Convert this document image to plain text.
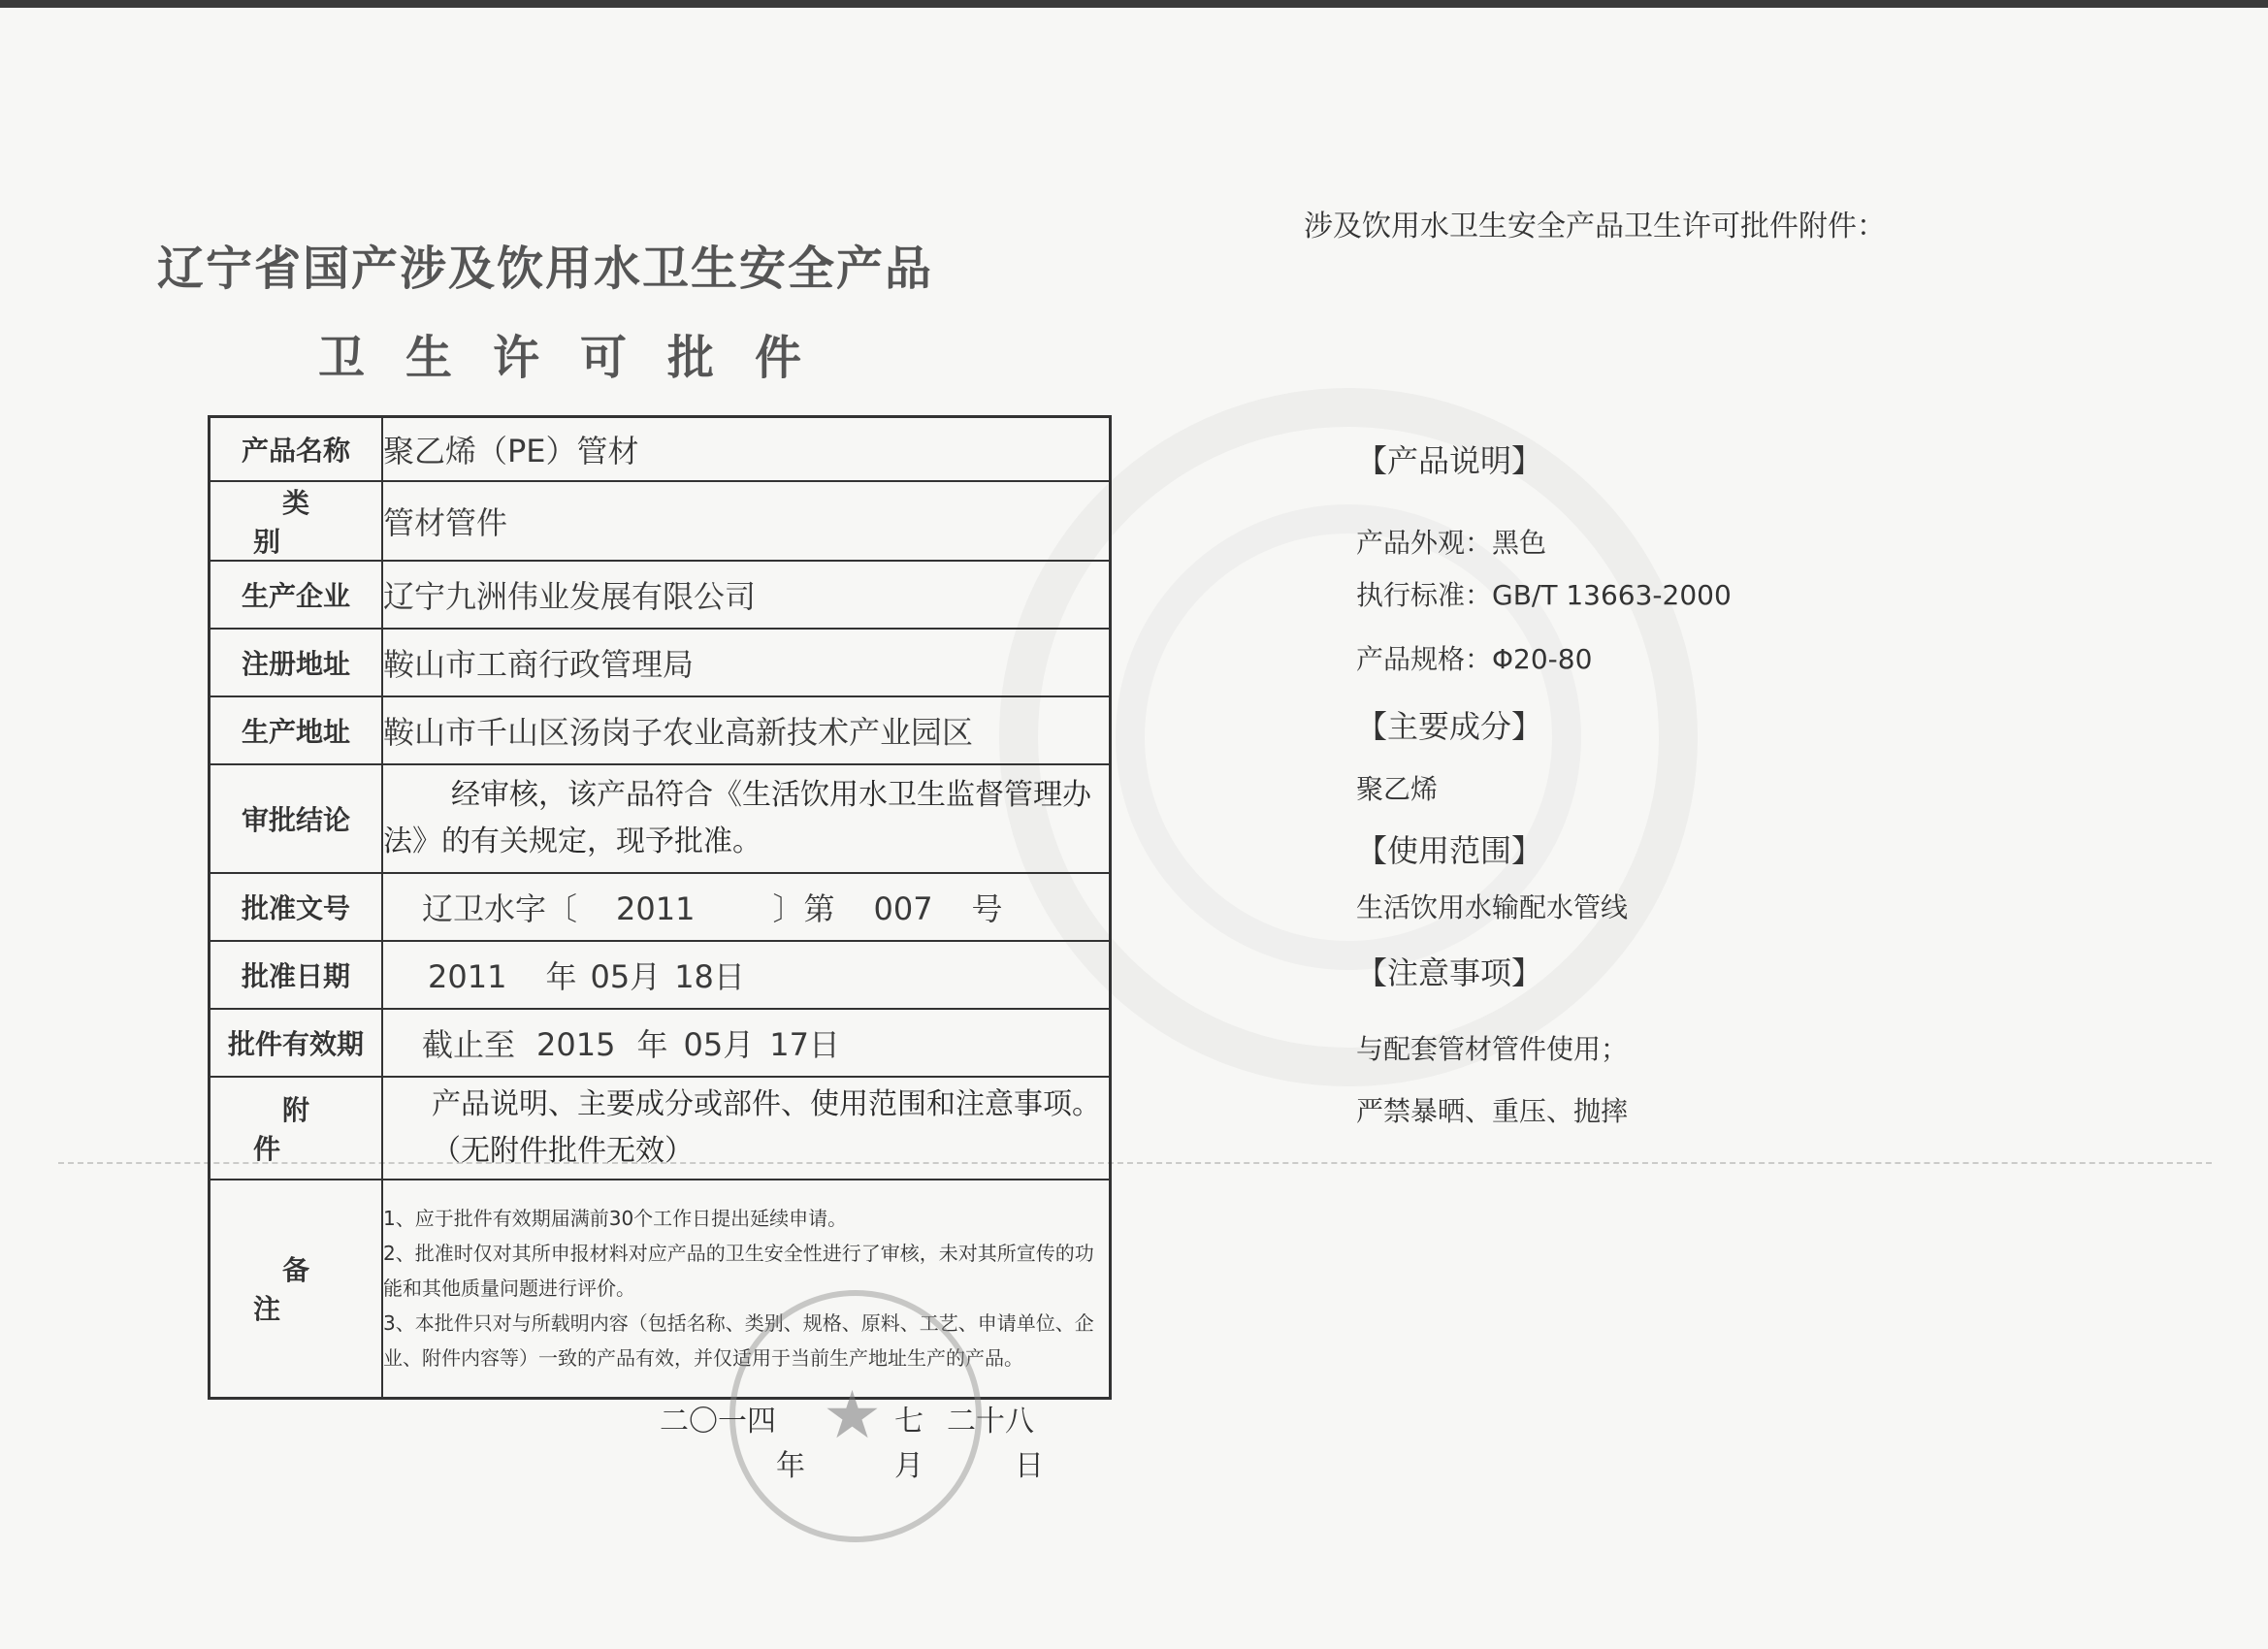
辽宁省国产涉及饮用水卫生安全产品
卫生许可批件
产品名称	聚乙烯（PE）管材
类别	管材管件
生产企业	辽宁九洲伟业发展有限公司
注册地址	鞍山市工商行政管理局
生产地址	鞍山市千山区汤岗子农业高新技术产业园区
审批结论	经审核，该产品符合《生活饮用水卫生监督管理办法》的有关规定，现予批准。
批准文号	辽卫水字〔 2011 〕第 007 号
批准日期	2011 年 05月 18日
批件有效期	截止至 2015 年 05月 17日
附件	产品说明、主要成分或部件、使用范围和注意事项。
（无附件批件无效）

备注	1、应于批件有效期届满前30个工作日提出延续申请。
2、批准时仅对其所申报材料对应产品的卫生安全性进行了审核，未对其所宣传的功能和其他质量问题进行评价。
3、本批件只对与所载明内容（包括名称、类别、规格、原料、工艺、申请单位、企业、附件内容等）一致的产品有效，并仅适用于当前生产地址生产的产品。
★
二〇一四	七 二十八
年	月	日
涉及饮用水卫生安全产品卫生许可批件附件：
【产品说明】
产品外观：黑色
执行标准：GB/T 13663-2000
产品规格：Φ20-80
【主要成分】
聚乙烯
【使用范围】
生活饮用水输配水管线
【注意事项】
与配套管材管件使用；
严禁暴晒、重压、抛摔
